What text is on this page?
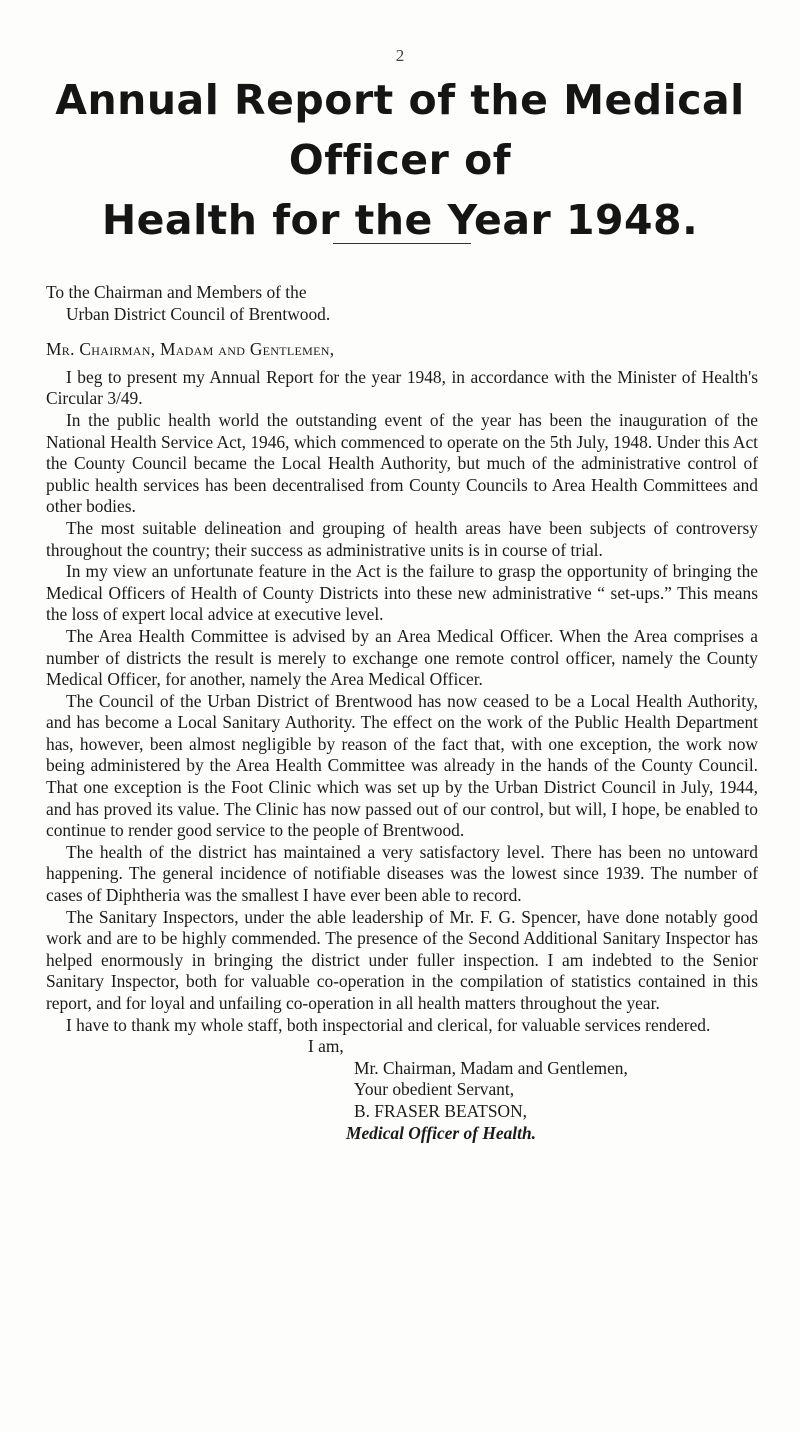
2
Annual Report of the Medical Officer of
Health for the Year 1948.

To the Chairman and Members of the

Urban District Council of Brentwood.

Mr. Chairman, Madam and Gentlemen,

I beg to present my Annual Report for the year 1948, in accordance with the Minister of Health's Circular 3/49.

In the public health world the outstanding event of the year has been the inauguration of the National Health Service Act, 1946, which commenced to operate on the 5th July, 1948. Under this Act the County Council became the Local Health Authority, but much of the administrative control of public health services has been decentralised from County Councils to Area Health Committees and other bodies.

The most suitable delineation and grouping of health areas have been subjects of controversy throughout the country; their success as administrative units is in course of trial.

In my view an unfortunate feature in the Act is the failure to grasp the opportunity of bringing the Medical Officers of Health of County Districts into these new administrative “ set-ups.” This means the loss of expert local advice at executive level.

The Area Health Committee is advised by an Area Medical Officer. When the Area comprises a number of districts the result is merely to exchange one remote control officer, namely the County Medical Officer, for another, namely the Area Medical Officer.

The Council of the Urban District of Brentwood has now ceased to be a Local Health Authority, and has become a Local Sanitary Authority. The effect on the work of the Public Health Department has, however, been almost negligible by reason of the fact that, with one exception, the work now being administered by the Area Health Committee was already in the hands of the County Council. That one exception is the Foot Clinic which was set up by the Urban District Council in July, 1944, and has proved its value. The Clinic has now passed out of our control, but will, I hope, be enabled to continue to render good service to the people of Brentwood.

The health of the district has maintained a very satisfactory level. There has been no untoward happening. The general incidence of notifiable diseases was the lowest since 1939. The number of cases of Diphtheria was the smallest I have ever been able to record.

The Sanitary Inspectors, under the able leadership of Mr. F. G. Spencer, have done notably good work and are to be highly commended. The presence of the Second Additional Sanitary Inspector has helped enormously in bringing the district under fuller inspection. I am indebted to the Senior Sanitary Inspector, both for valuable co-operation in the compilation of statistics contained in this report, and for loyal and unfailing co-operation in all health matters throughout the year.

I have to thank my whole staff, both inspectorial and clerical, for valuable services rendered.

I am,

Mr. Chairman, Madam and Gentlemen,

Your obedient Servant,

B. FRASER BEATSON,

Medical Officer of Health.
